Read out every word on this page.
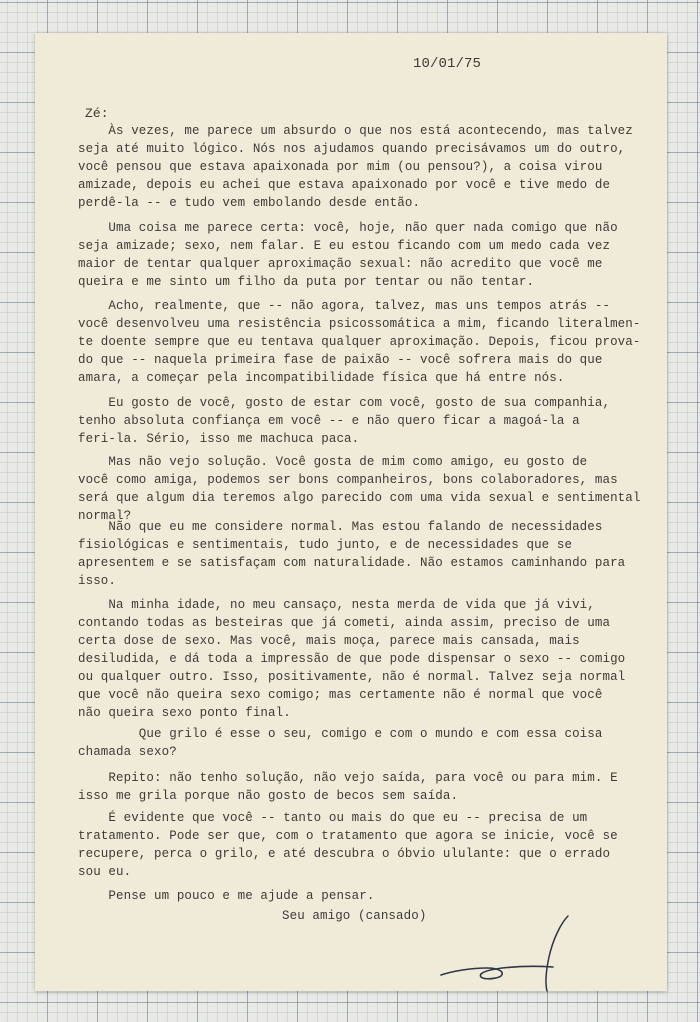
10/01/75
Zé:
Às vezes, me parece um absurdo o que nos está acontecendo, mas talvez
seja até muito lógico. Nós nos ajudamos quando precisávamos um do outro,
você pensou que estava apaixonada por mim (ou pensou?), a coisa virou
amizade, depois eu achei que estava apaixonado por você e tive medo de
perdê-la -- e tudo vem embolando desde então.
Uma coisa me parece certa: você, hoje, não quer nada comigo que não
seja amizade; sexo, nem falar. E eu estou ficando com um medo cada vez
maior de tentar qualquer aproximação sexual: não acredito que você me
queira e me sinto um filho da puta por tentar ou não tentar.
Acho, realmente, que -- não agora, talvez, mas uns tempos atrás --
você desenvolveu uma resistência psicossomática a mim, ficando literalmen-
te doente sempre que eu tentava qualquer aproximação. Depois, ficou prova-
do que -- naquela primeira fase de paixão -- você sofrera mais do que
amara, a começar pela incompatibilidade física que há entre nós.
Eu gosto de você, gosto de estar com você, gosto de sua companhia,
tenho absoluta confiança em você -- e não quero ficar a magoá-la a
feri-la. Sério, isso me machuca paca.
Mas não vejo solução. Você gosta de mim como amigo, eu gosto de
você como amiga, podemos ser bons companheiros, bons colaboradores, mas
será que algum dia teremos algo parecido com uma vida sexual e sentimental
normal?
Não que eu me considere normal. Mas estou falando de necessidades
fisiológicas e sentimentais, tudo junto, e de necessidades que se
apresentem e se satisfaçam com naturalidade. Não estamos caminhando para
isso.
Na minha idade, no meu cansaço, nesta merda de vida que já vivi,
contando todas as besteiras que já cometi, ainda assim, preciso de uma
certa dose de sexo. Mas você, mais moça, parece mais cansada, mais
desiludida, e dá toda a impressão de que pode dispensar o sexo -- comigo
ou qualquer outro. Isso, positivamente, não é normal. Talvez seja normal
que você não queira sexo comigo; mas certamente não é normal que você
não queira sexo ponto final.
Que grilo é esse o seu, comigo e com o mundo e com essa coisa
chamada sexo?
Repito: não tenho solução, não vejo saída, para você ou para mim. E
isso me grila porque não gosto de becos sem saída.
É evidente que você -- tanto ou mais do que eu -- precisa de um
tratamento. Pode ser que, com o tratamento que agora se inicie, você se
recupere, perca o grilo, e até descubra o óbvio ululante: que o errado
sou eu.
Pense um pouco e me ajude a pensar.
Seu amigo (cansado)
